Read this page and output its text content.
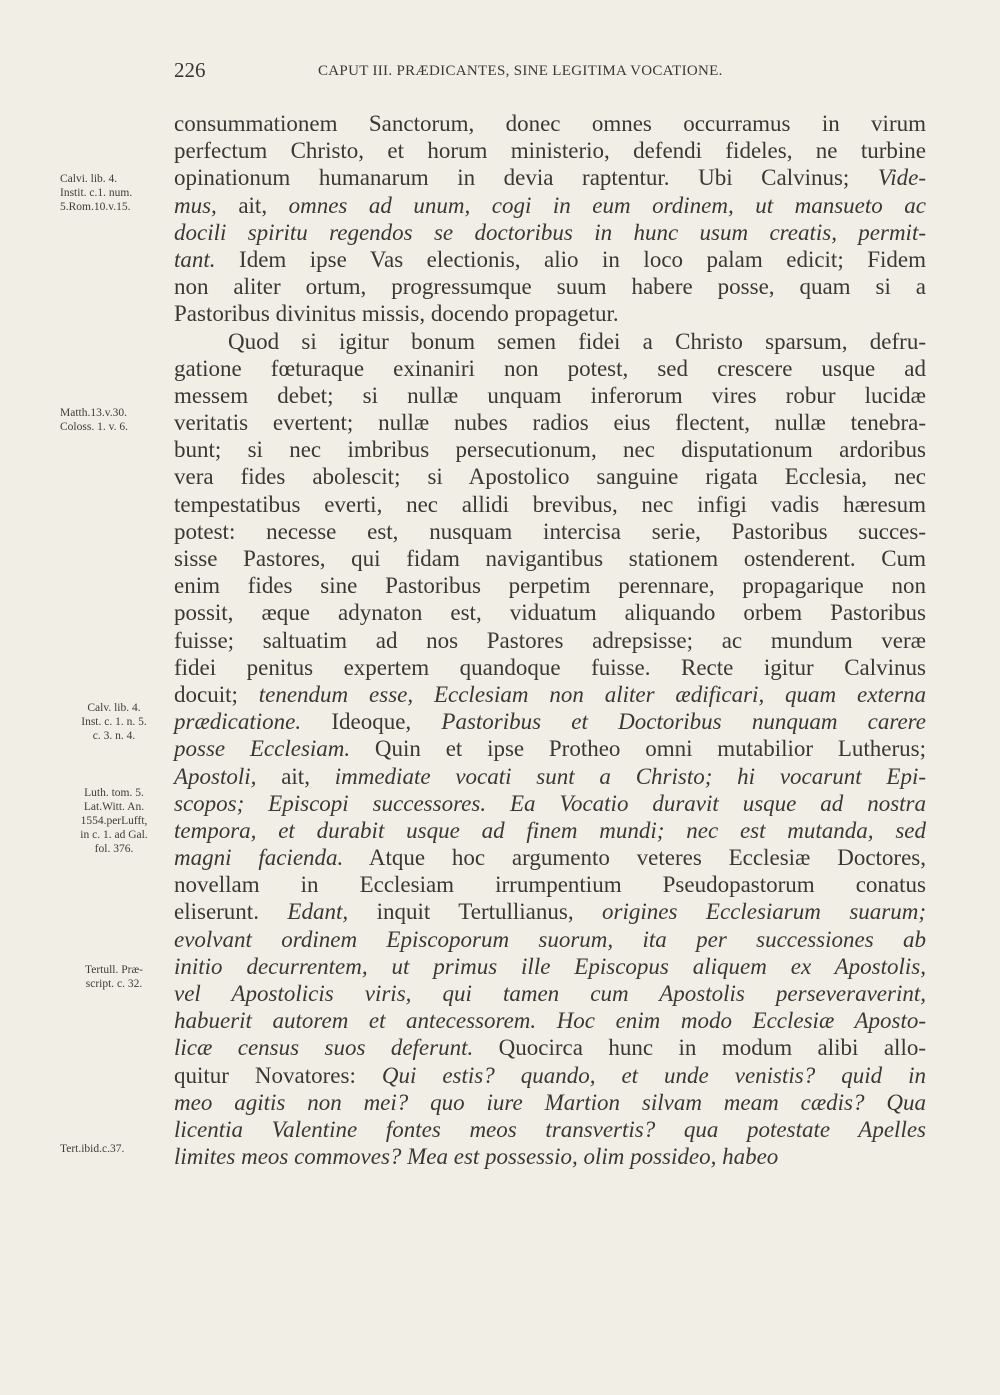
226	CAPUT III. PRÆDICANTES, SINE LEGITIMA VOCATIONE.
Calvi. lib. 4.
Instit. c.1. num.
5.Rom.10.v.15.
Matth.13.v.30.
Coloss. 1. v. 6.
Calv. lib. 4.
Inst. c. 1. n. 5.
c. 3. n. 4.
Luth. tom. 5.
Lat.Witt. An.
1554.perLufft,
in c. 1. ad Gal.
fol. 376.
Tertull. Præ-
script. c. 32.
Tert.ibid.c.37.
consummationem Sanctorum, donec omnes occurramus in virum
perfectum Christo, et horum ministerio, defendi fideles, ne turbine
opinationum humanarum in devia raptentur. Ubi Calvinus; Vide-
mus, ait, omnes ad unum, cogi in eum ordinem, ut mansueto ac
docili spiritu regendos se doctoribus in hunc usum creatis, permit-
tant. Idem ipse Vas electionis, alio in loco palam edicit; Fidem
non aliter ortum, progressumque suum habere posse, quam si a
Pastoribus divinitus missis, docendo propagetur.
Quod si igitur bonum semen fidei a Christo sparsum, defru-
gatione fœturaque exinaniri non potest, sed crescere usque ad
messem debet; si nullæ unquam inferorum vires robur lucidæ
veritatis evertent; nullæ nubes radios eius flectent, nullæ tenebra-
bunt; si nec imbribus persecutionum, nec disputationum ardoribus
vera fides abolescit; si Apostolico sanguine rigata Ecclesia, nec
tempestatibus everti, nec allidi brevibus, nec infigi vadis hæresum
potest: necesse est, nusquam intercisa serie, Pastoribus succes-
sisse Pastores, qui fidam navigantibus stationem ostenderent. Cum
enim fides sine Pastoribus perpetim perennare, propagarique non
possit, æque adynaton est, viduatum aliquando orbem Pastoribus
fuisse; saltuatim ad nos Pastores adrepsisse; ac mundum veræ
fidei penitus expertem quandoque fuisse. Recte igitur Calvinus
docuit; tenendum esse, Ecclesiam non aliter ædificari, quam externa
prædicatione. Ideoque, Pastoribus et Doctoribus nunquam carere
posse Ecclesiam. Quin et ipse Protheo omni mutabilior Lutherus;
Apostoli, ait, immediate vocati sunt a Christo; hi vocarunt Epi-
scopos; Episcopi successores. Ea Vocatio duravit usque ad nostra
tempora, et durabit usque ad finem mundi; nec est mutanda, sed
magni facienda. Atque hoc argumento veteres Ecclesiæ Doctores,
novellam in Ecclesiam irrumpentium Pseudopastorum conatus
eliserunt. Edant, inquit Tertullianus, origines Ecclesiarum suarum;
evolvant ordinem Episcoporum suorum, ita per successiones ab
initio decurrentem, ut primus ille Episcopus aliquem ex Apostolis,
vel Apostolicis viris, qui tamen cum Apostolis perseveraverint,
habuerit autorem et antecessorem. Hoc enim modo Ecclesiæ Aposto-
licæ census suos deferunt. Quocirca hunc in modum alibi allo-
quitur Novatores: Qui estis? quando, et unde venistis? quid in
meo agitis non mei? quo iure Martion silvam meam cædis? Qua
licentia Valentine fontes meos transvertis? qua potestate Apelles
limites meos commoves? Mea est possessio, olim possideo, habeo
